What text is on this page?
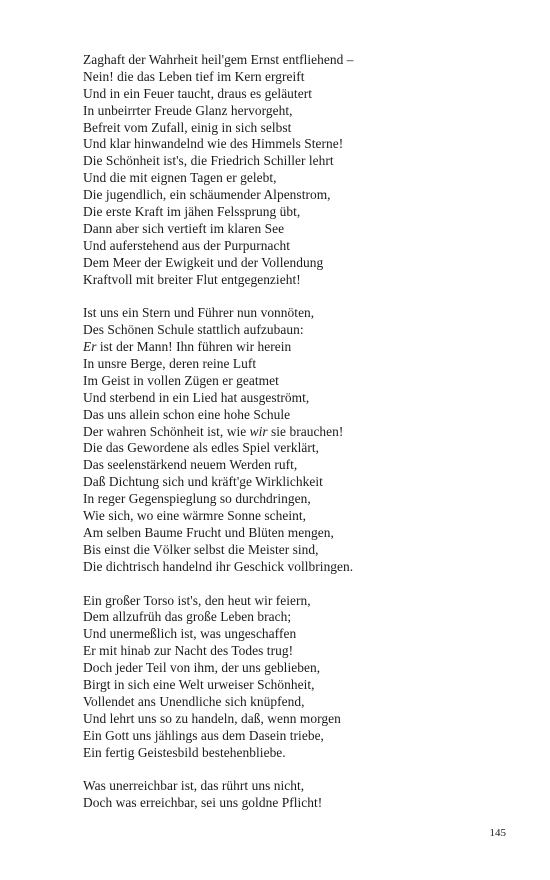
Zaghaft der Wahrheit heil'gem Ernst entfliehend –
Nein! die das Leben tief im Kern ergreift
Und in ein Feuer taucht, draus es geläutert
In unbeirrter Freude Glanz hervorgeht,
Befreit vom Zufall, einig in sich selbst
Und klar hinwandelnd wie des Himmels Sterne!
Die Schönheit ist's, die Friedrich Schiller lehrt
Und die mit eignen Tagen er gelebt,
Die jugendlich, ein schäumender Alpenstrom,
Die erste Kraft im jähen Felssprung übt,
Dann aber sich vertieft im klaren See
Und auferstehend aus der Purpurnacht
Dem Meer der Ewigkeit und der Vollendung
Kraftvoll mit breiter Flut entgegenzieht!
Ist uns ein Stern und Führer nun vonnöten,
Des Schönen Schule stattlich aufzubaun:
Er ist der Mann! Ihn führen wir herein
In unsre Berge, deren reine Luft
Im Geist in vollen Zügen er geatmet
Und sterbend in ein Lied hat ausgeströmt,
Das uns allein schon eine hohe Schule
Der wahren Schönheit ist, wie wir sie brauchen!
Die das Gewordene als edles Spiel verklärt,
Das seelenstärkend neuem Werden ruft,
Daß Dichtung sich und kräft'ge Wirklichkeit
In reger Gegenspieglung so durchdringen,
Wie sich, wo eine wärmre Sonne scheint,
Am selben Baume Frucht und Blüten mengen,
Bis einst die Völker selbst die Meister sind,
Die dichtrisch handelnd ihr Geschick vollbringen.
Ein großer Torso ist's, den heut wir feiern,
Dem allzufrüh das große Leben brach;
Und unermeßlich ist, was ungeschaffen
Er mit hinab zur Nacht des Todes trug!
Doch jeder Teil von ihm, der uns geblieben,
Birgt in sich eine Welt urweiser Schönheit,
Vollendet ans Unendliche sich knüpfend,
Und lehrt uns so zu handeln, daß, wenn morgen
Ein Gott uns jählings aus dem Dasein triebe,
Ein fertig Geistesbild bestehenbliebe.
Was unerreichbar ist, das rührt uns nicht,
Doch was erreichbar, sei uns goldne Pflicht!
145
